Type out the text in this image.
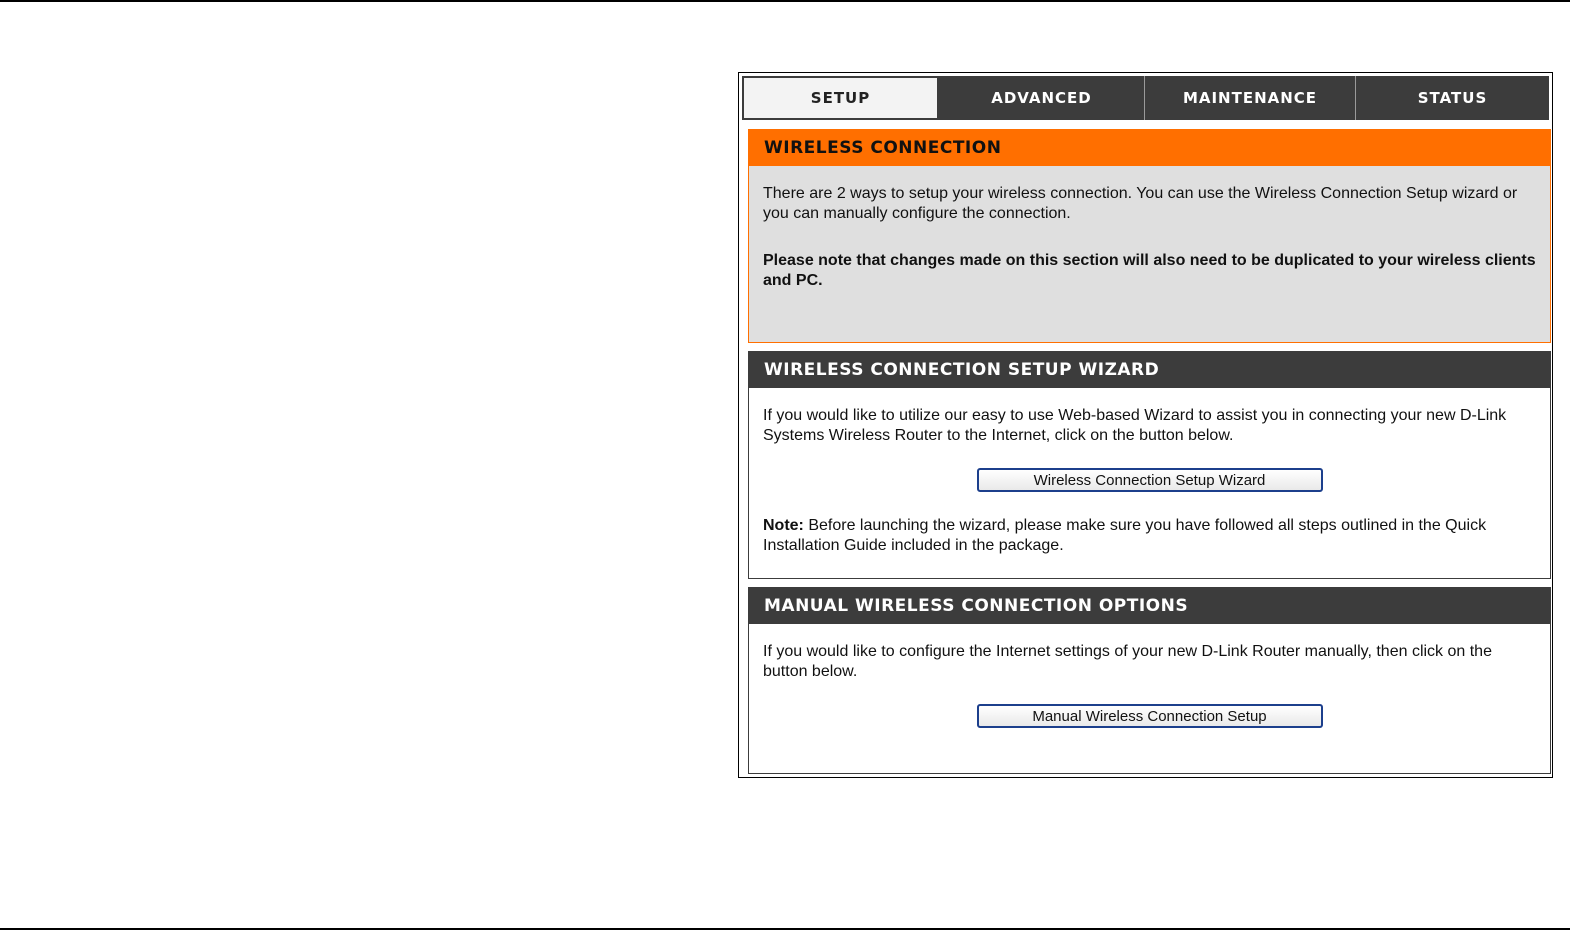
SETUP	ADVANCED	MAINTENANCE	STATUS
WIRELESS CONNECTION

There are 2 ways to setup your wireless connection. You can use the Wireless Connection Setup wizard or you can manually configure the connection.

Please note that changes made on this section will also need to be duplicated to your wireless clients and PC.

WIRELESS CONNECTION SETUP WIZARD

If you would like to utilize our easy to use Web-based Wizard to assist you in connecting your new D-Link Systems Wireless Router to the Internet, click on the button below.

Wireless Connection Setup Wizard

Note: Before launching the wizard, please make sure you have followed all steps outlined in the Quick Installation Guide included in the package.

MANUAL WIRELESS CONNECTION OPTIONS

If you would like to configure the Internet settings of your new D-Link Router manually, then click on the button below.

Manual Wireless Connection Setup
